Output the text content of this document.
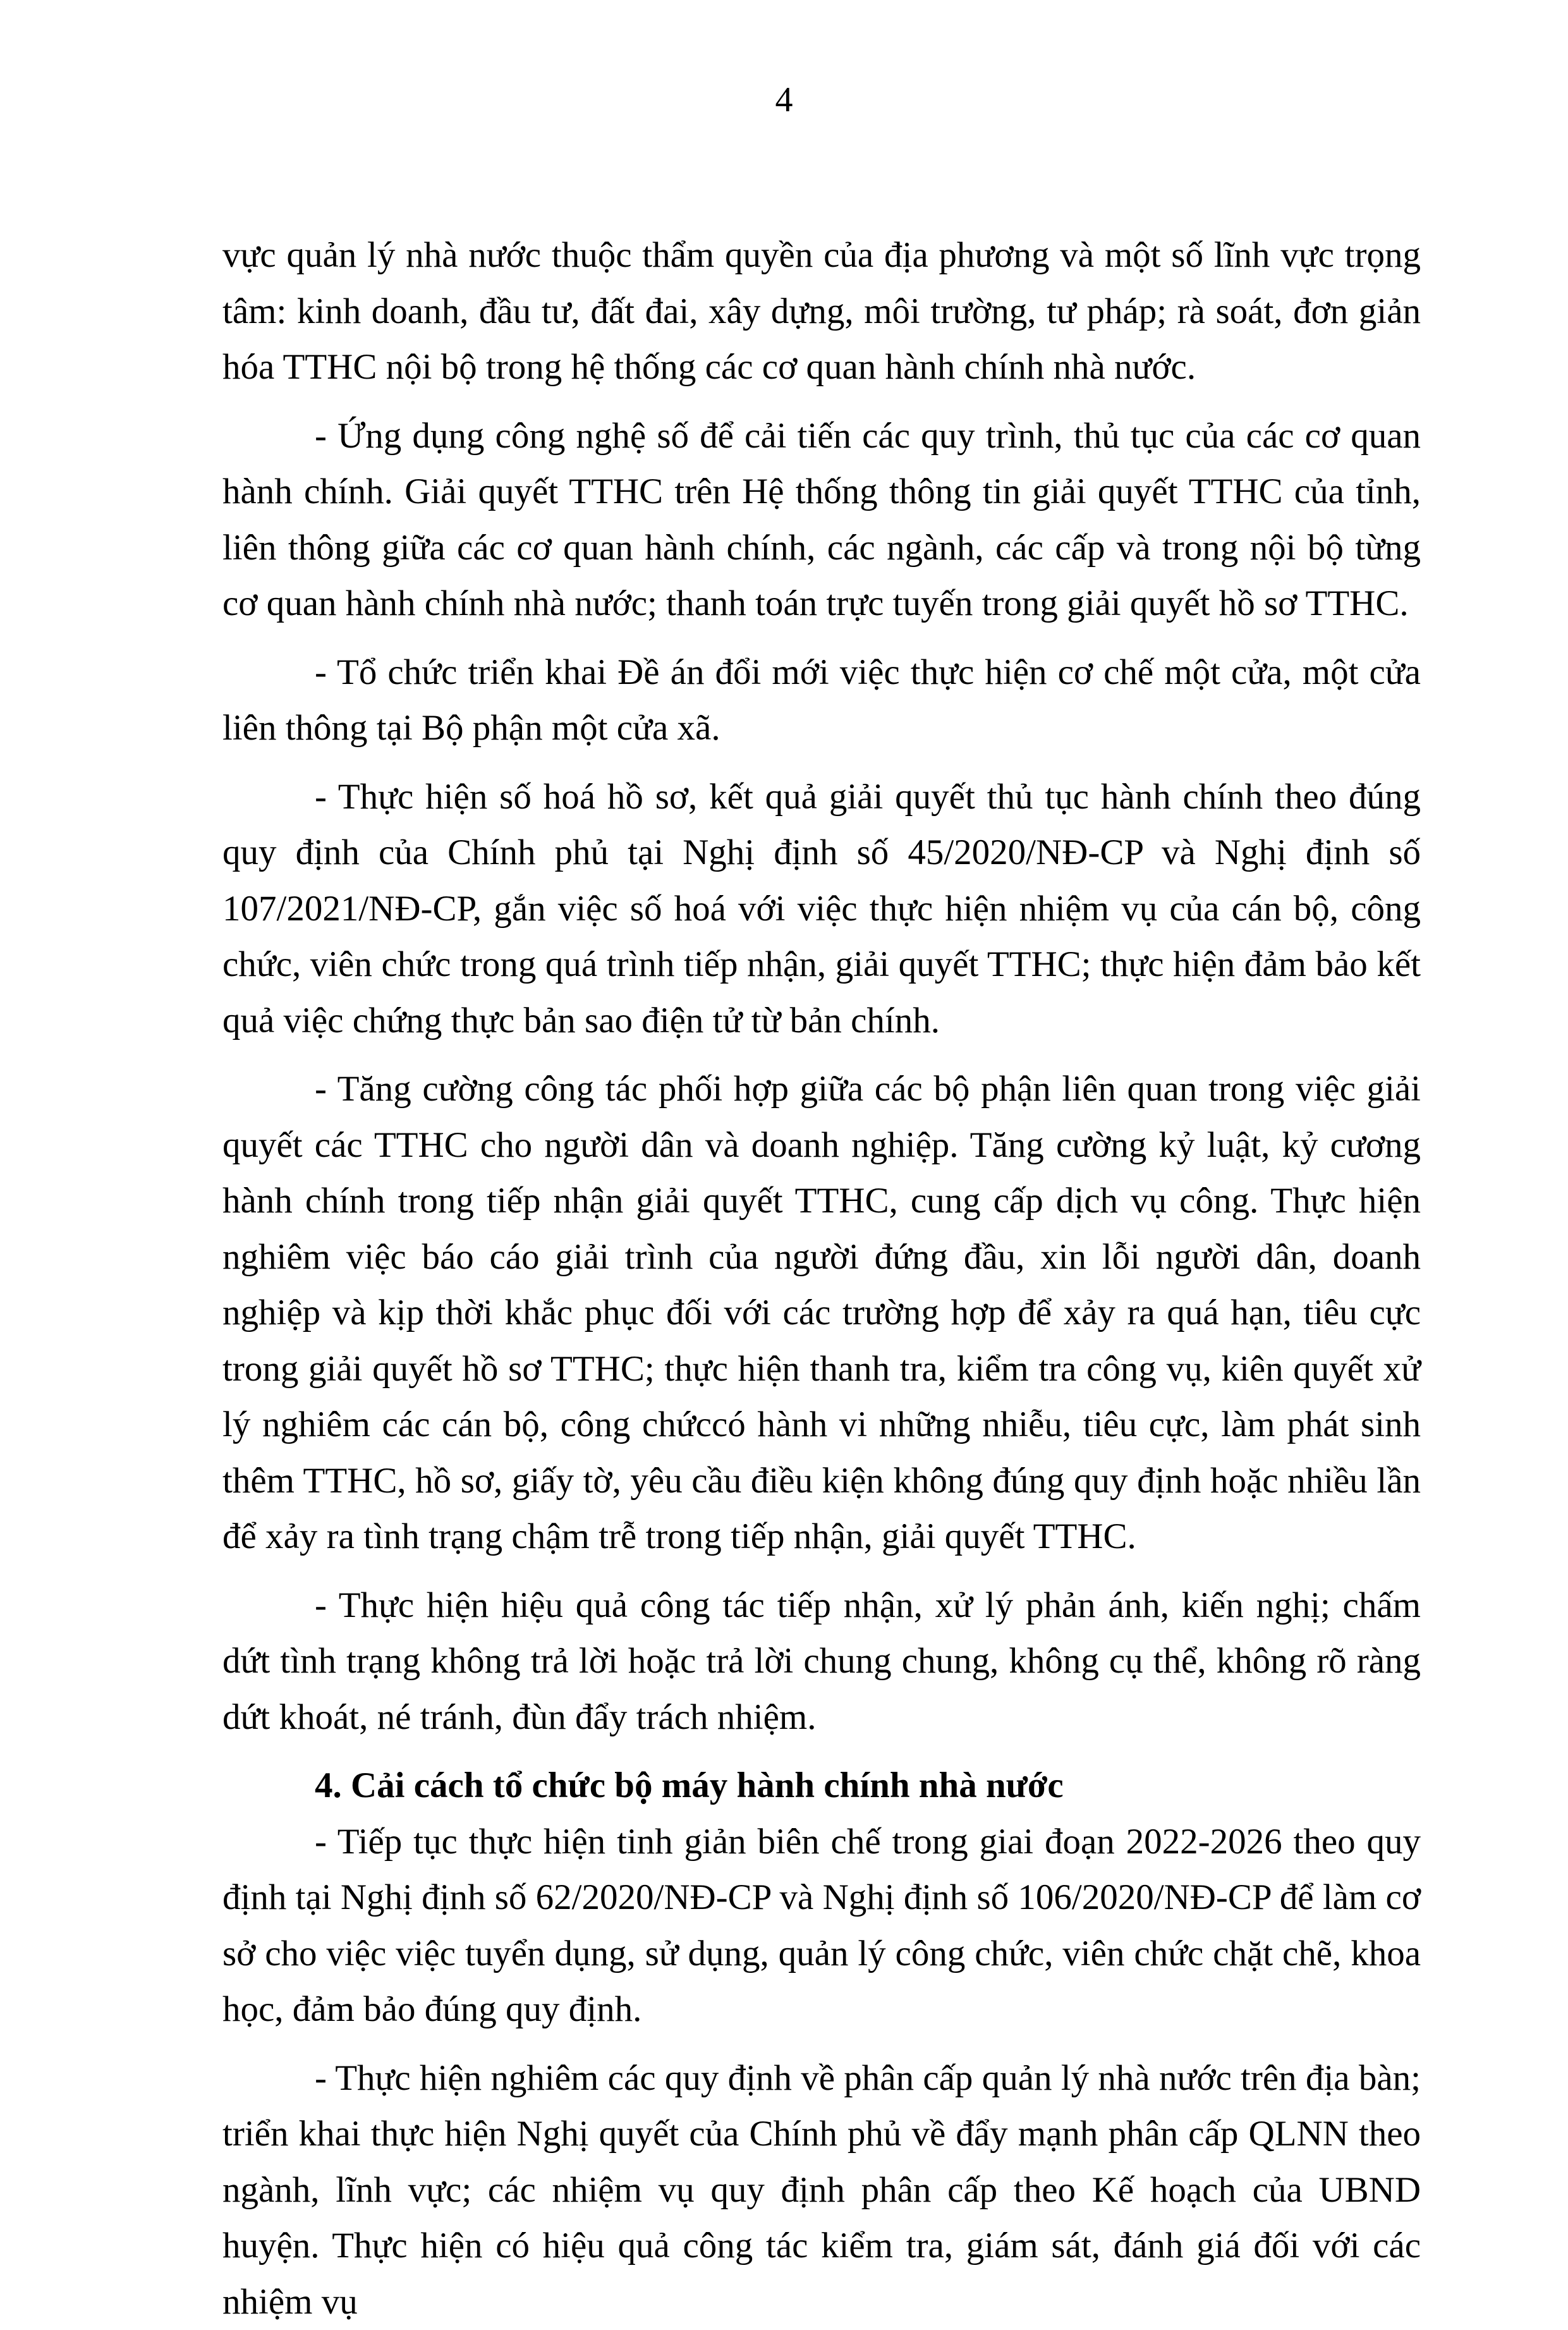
4

vực quản lý nhà nước thuộc thẩm quyền của địa phương và một số lĩnh vực trọng tâm: kinh doanh, đầu tư, đất đai, xây dựng, môi trường, tư pháp; rà soát, đơn giản hóa TTHC nội bộ trong hệ thống các cơ quan hành chính nhà nước.

- Ứng dụng công nghệ số để cải tiến các quy trình, thủ tục của các cơ quan hành chính. Giải quyết TTHC trên Hệ thống thông tin giải quyết TTHC của tỉnh, liên thông giữa các cơ quan hành chính, các ngành, các cấp và trong nội bộ từng cơ quan hành chính nhà nước; thanh toán trực tuyến trong giải quyết hồ sơ TTHC.

- Tổ chức triển khai Đề án đổi mới việc thực hiện cơ chế một cửa, một cửa liên thông tại Bộ phận một cửa xã.

- Thực hiện số hoá hồ sơ, kết quả giải quyết thủ tục hành chính theo đúng quy định của Chính phủ tại Nghị định số 45/2020/NĐ-CP và Nghị định số 107/2021/NĐ-CP, gắn việc số hoá với việc thực hiện nhiệm vụ của cán bộ, công chức, viên chức trong quá trình tiếp nhận, giải quyết TTHC; thực hiện đảm bảo kết quả việc chứng thực bản sao điện tử từ bản chính.

- Tăng cường công tác phối hợp giữa các bộ phận liên quan trong việc giải quyết các TTHC cho người dân và doanh nghiệp. Tăng cường kỷ luật, kỷ cương hành chính trong tiếp nhận giải quyết TTHC, cung cấp dịch vụ công. Thực hiện nghiêm việc báo cáo giải trình của người đứng đầu, xin lỗi người dân, doanh nghiệp và kịp thời khắc phục đối với các trường hợp để xảy ra quá hạn, tiêu cực trong giải quyết hồ sơ TTHC; thực hiện thanh tra, kiểm tra công vụ, kiên quyết xử lý nghiêm các cán bộ, công chứccó hành vi những nhiễu, tiêu cực, làm phát sinh thêm TTHC, hồ sơ, giấy tờ, yêu cầu điều kiện không đúng quy định hoặc nhiều lần để xảy ra tình trạng chậm trễ trong tiếp nhận, giải quyết TTHC.

- Thực hiện hiệu quả công tác tiếp nhận, xử lý phản ánh, kiến nghị; chấm dứt tình trạng không trả lời hoặc trả lời chung chung, không cụ thể, không rõ ràng dứt khoát, né tránh, đùn đẩy trách nhiệm.

4. Cải cách tổ chức bộ máy hành chính nhà nước

- Tiếp tục thực hiện tinh giản biên chế trong giai đoạn 2022-2026 theo quy định tại Nghị định số 62/2020/NĐ-CP và Nghị định số 106/2020/NĐ-CP để làm cơ sở cho việc việc tuyển dụng, sử dụng, quản lý công chức, viên chức chặt chẽ, khoa học, đảm bảo đúng quy định.

- Thực hiện nghiêm các quy định về phân cấp quản lý nhà nước trên địa bàn; triển khai thực hiện Nghị quyết của Chính phủ về đẩy mạnh phân cấp QLNN theo ngành, lĩnh vực; các nhiệm vụ quy định phân cấp theo Kế hoạch của UBND huyện. Thực hiện có hiệu quả công tác kiểm tra, giám sát, đánh giá đối với các nhiệm vụ
